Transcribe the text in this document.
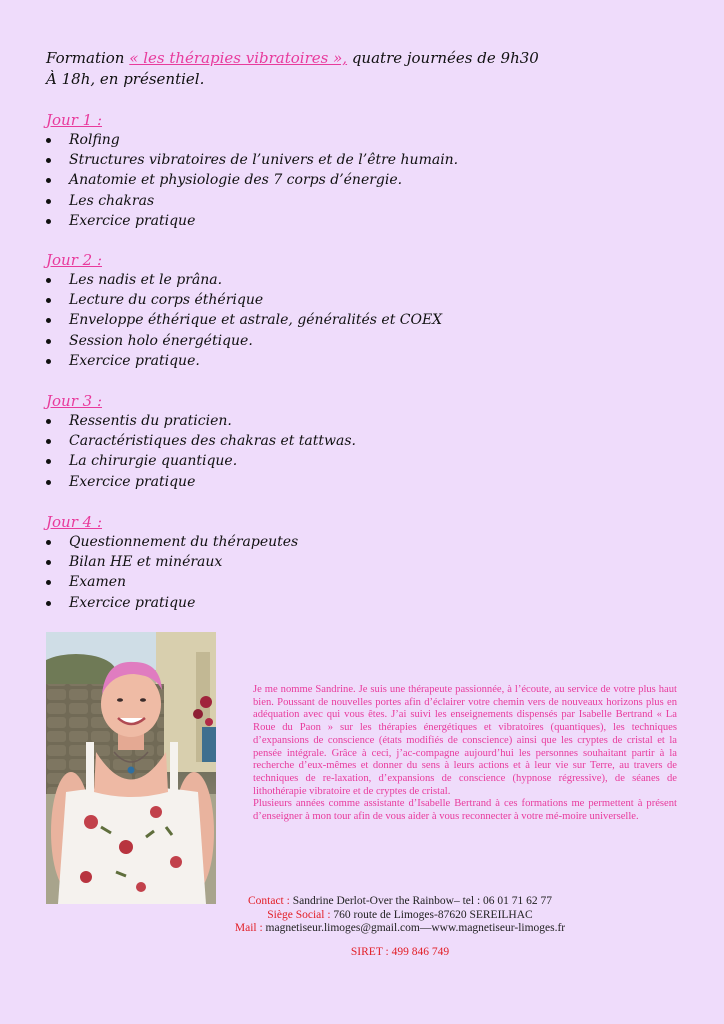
Formation « les thérapies vibratoires », quatre journées de 9h30
À 18h, en présentiel.
Jour 1 :
Rolfing
Structures vibratoires de l’univers et de l’être humain.
Anatomie et physiologie des 7 corps d’énergie.
Les chakras
Exercice pratique
Jour 2 :
Les nadis et le prâna.
Lecture du corps éthérique
Enveloppe éthérique et astrale, généralités et COEX
Session holo énergétique.
Exercice pratique.
Jour 3 :
Ressentis du praticien.
Caractéristiques des chakras et tattwas.
La chirurgie quantique.
Exercice pratique
Jour 4 :
Questionnement du thérapeutes
Bilan HE et minéraux
Examen
Exercice pratique

Je me nomme Sandrine. Je suis une thérapeute passionnée, à l’écoute, au service de votre plus haut bien. Poussant de nouvelles portes afin d’éclairer votre chemin vers de nouveaux horizons plus en adéquation avec qui vous êtes. J’ai suivi les enseignements dispensés par Isabelle Bertrand « La Roue du Paon » sur les thérapies énergétiques et vibratoires (quantiques), les techniques d’expansions de conscience (états modifiés de conscience) ainsi que les cryptes de cristal et la pensée intégrale. Grâce à ceci, j’ac-compagne aujourd’hui les personnes souhaitant partir à la recherche d’eux-mêmes et donner du sens à leurs actions et à leur vie sur Terre, au travers de techniques de re-laxation, d’expansions de conscience (hypnose régressive), de séanes de lithothérapie vibratoire et de cryptes de cristal.

Plusieurs années comme assistante d’Isabelle Bertrand à ces formations me permettent à présent d’enseigner à mon tour afin de vous aider à vous reconnecter à votre mé-moire universelle.

Contact : Sandrine Derlot-Over the Rainbow– tel : 06 01 71 62 77
Siège Social : 760 route de Limoges-87620 SEREILHAC
Mail : magnetiseur.limoges@gmail.com—www.magnetiseur-limoges.fr
SIRET : 499 846 749
